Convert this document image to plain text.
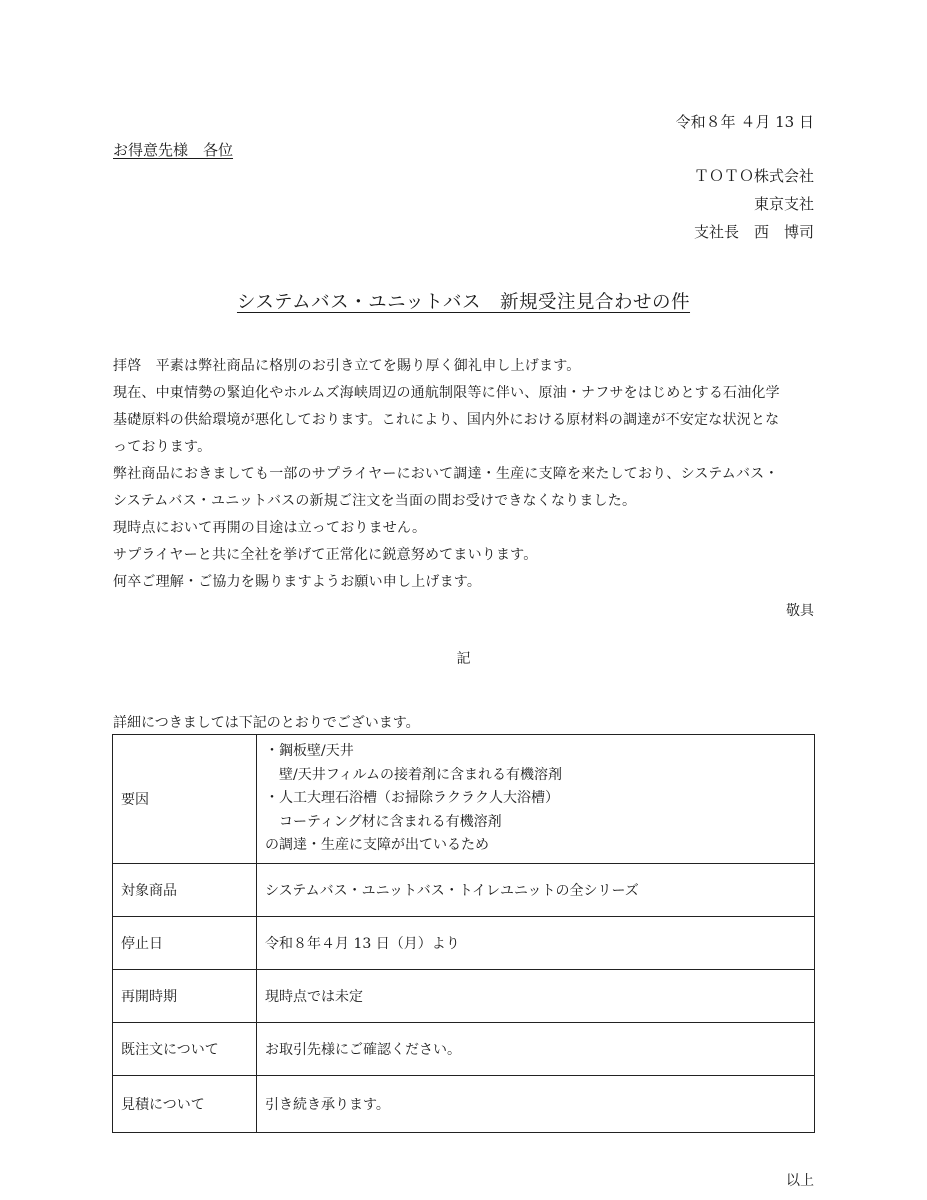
令和８年 ４月 13 日
お得意先様　各位
ＴＯＴＯ株式会社
東京支社
支社長　西　博司
システムバス・ユニットバス　新規受注見合わせの件
拝啓　平素は弊社商品に格別のお引き立てを賜り厚く御礼申し上げます。
現在、中東情勢の緊迫化やホルムズ海峡周辺の通航制限等に伴い、原油・ナフサをはじめとする石油化学
基礎原料の供給環境が悪化しております。これにより、国内外における原材料の調達が不安定な状況とな
っております。
弊社商品におきましても一部のサプライヤーにおいて調達・生産に支障を来たしており、システムバス・
システムバス・ユニットバスの新規ご注文を当面の間お受けできなくなりました。
現時点において再開の目途は立っておりません。
サプライヤーと共に全社を挙げて正常化に鋭意努めてまいります。
何卒ご理解・ご協力を賜りますようお願い申し上げます。
敬具
記
詳細につきましては下記のとおりでございます。
要因	・鋼板壁/天井
壁/天井フィルムの接着剤に含まれる有機溶剤
・人工大理石浴槽（お掃除ラクラク人大浴槽）
コーティング材に含まれる有機溶剤
の調達・生産に支障が出ているため

対象商品	システムバス・ユニットバス・トイレユニットの全シリーズ
停止日	令和８年４月 13 日（月）より
再開時期	現時点では未定
既注文について	お取引先様にご確認ください。
見積について	引き続き承ります。
以上
